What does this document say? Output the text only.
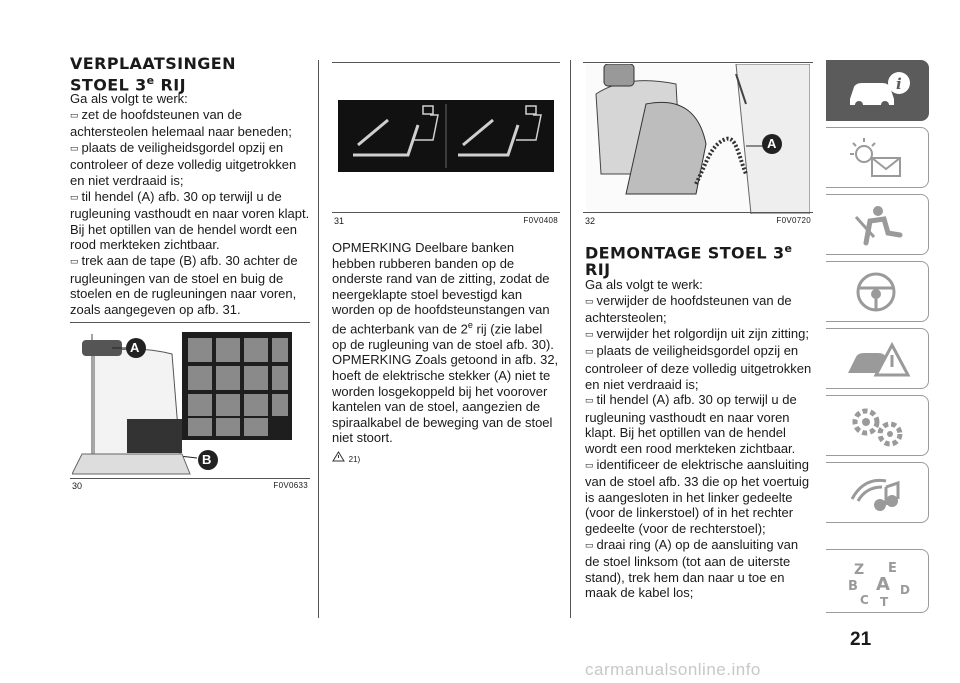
VERPLAATSINGEN
STOEL 3e RIJ
Ga als volgt te werk:
▭ zet de hoofdsteunen van de achtersteolen helemaal naar beneden;
▭ plaats de veiligheidsgordel opzij en controleer of deze volledig uitgetrokken en niet verdraaid is;
▭ til hendel (A) afb. 30 op terwijl u de rugleuning vasthoudt en naar voren klapt. Bij het optillen van de hendel wordt een rood merkteken zichtbaar.
▭ trek aan de tape (B) afb. 30 achter de rugleuningen van de stoel en buig de stoelen en de rugleuningen naar voren, zoals aangegeven op afb. 31.
A
B
30	F0V0633
31	F0V0408
OPMERKING Deelbare banken hebben rubberen banden op de onderste rand van de zitting, zodat de neergeklapte stoel bevestigd kan worden op de hoofdsteunstangen van de achterbank van de 2e rij (zie label op de rugleuning van de stoel afb. 30).
OPMERKING Zoals getoond in afb. 32, hoeft de elektrische stekker (A) niet te worden losgekoppeld bij het voorover kantelen van de stoel, aangezien de spiraalkabel de beweging van de stoel niet stoort.
21)
A
32	F0V0720
DEMONTAGE STOEL 3e
RIJ
Ga als volgt te werk:
▭ verwijder de hoofdsteunen van de achtersteolen;
▭ verwijder het rolgordijn uit zijn zitting;
▭ plaats de veiligheidsgordel opzij en controleer of deze volledig uitgetrokken en niet verdraaid is;
▭ til hendel (A) afb. 30 op terwijl u de rugleuning vasthoudt en naar voren klapt. Bij het optillen van de hendel wordt een rood merkteken zichtbaar.
▭ identificeer de elektrische aansluiting van de stoel afb. 33 die op het voertuig is aangesloten in het linker gedeelte (voor de linkerstoel) of in het rechter gedeelte (voor de rechterstoel);
▭ draai ring (A) op de aansluiting van de stoel linksom (tot aan de uiterste stand), trek hem dan naar u toe en maak de kabel los;
i
Z E
B A D
C T
21
carmanualsonline.info
